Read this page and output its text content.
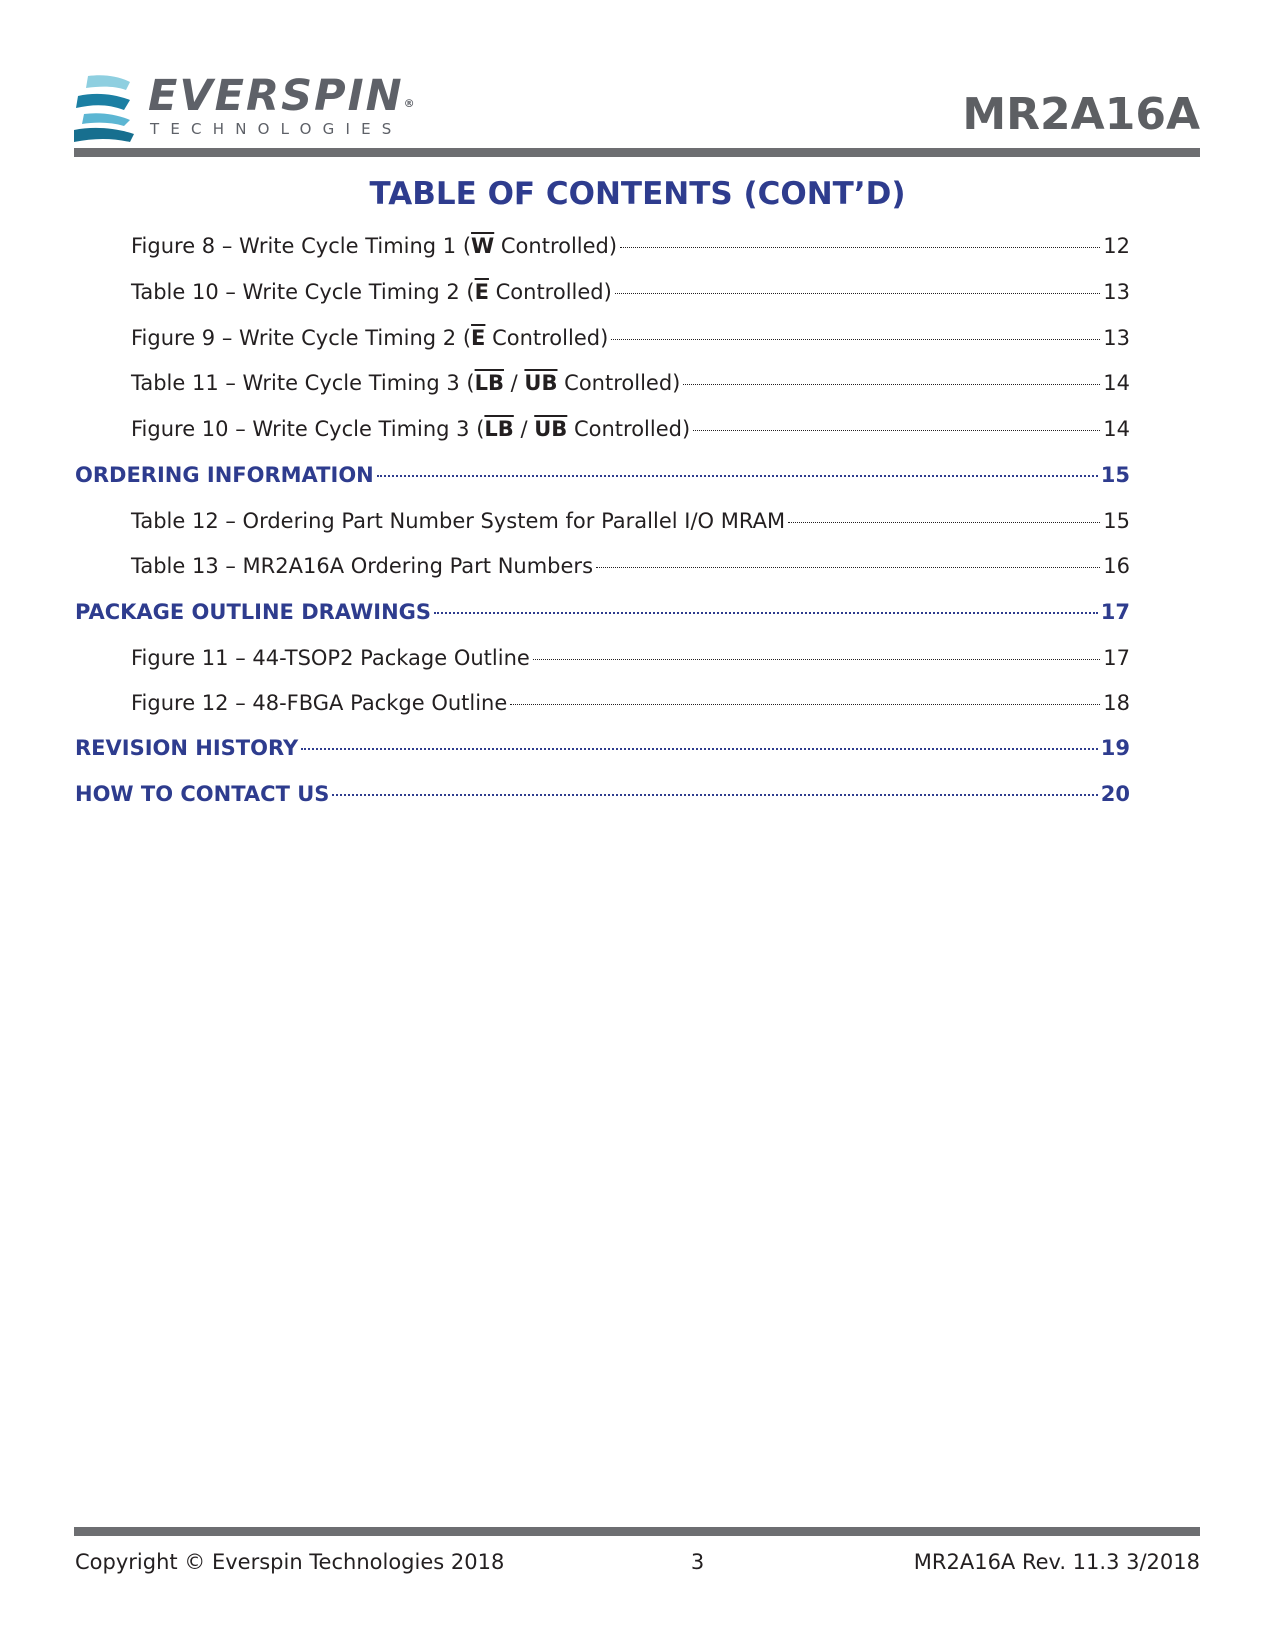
EVERSPIN®
TECHNOLOGIES	MR2A16A
TABLE OF CONTENTS (CONT’D)
Figure 8 – Write Cycle Timing 1 ($\overline{W}$ Controlled)	12
Table 10 – Write Cycle Timing 2 ($\overline{E}$ Controlled)	13
Figure 9 – Write Cycle Timing 2 ($\overline{E}$ Controlled)	13
Table 11 – Write Cycle Timing 3 ($\overline{LB} / \overline{UB}$ Controlled)	14
Figure 10 – Write Cycle Timing 3 ($\overline{LB} / \overline{UB}$ Controlled)	14
ORDERING INFORMATION	15
Table 12 – Ordering Part Number System for Parallel I/O MRAM	15
Table 13 – MR2A16A Ordering Part Numbers	16
PACKAGE OUTLINE DRAWINGS	17
Figure 11 – 44-TSOP2 Package Outline	17
Figure 12 – 48-FBGA Packge Outline	18
REVISION HISTORY	19
HOW TO CONTACT US	20
Copyright © Everspin Technologies 2018	3	MR2A16A Rev. 11.3 3/2018
